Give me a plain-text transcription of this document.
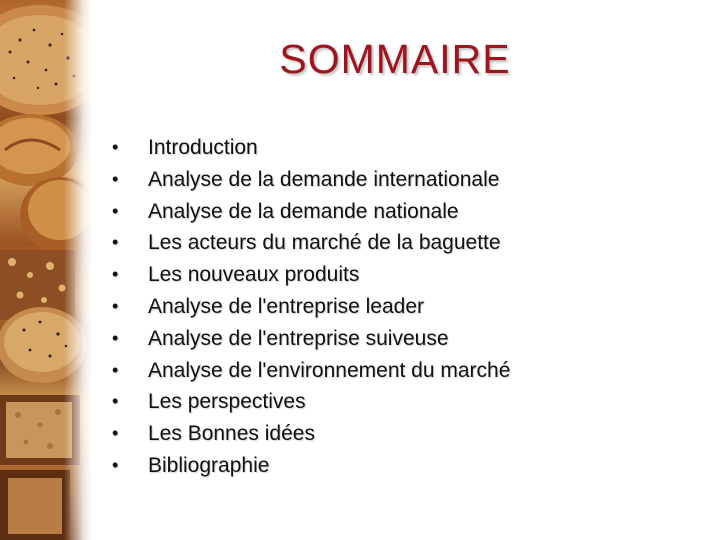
SOMMAIRE
• Introduction
• Analyse de la demande internationale
• Analyse de la demande nationale
• Les acteurs du marché de la baguette
• Les nouveaux produits
• Analyse de l'entreprise leader
• Analyse de l'entreprise suiveuse
• Analyse de l'environnement du marché
• Les perspectives
• Les Bonnes idées
• Bibliographie
